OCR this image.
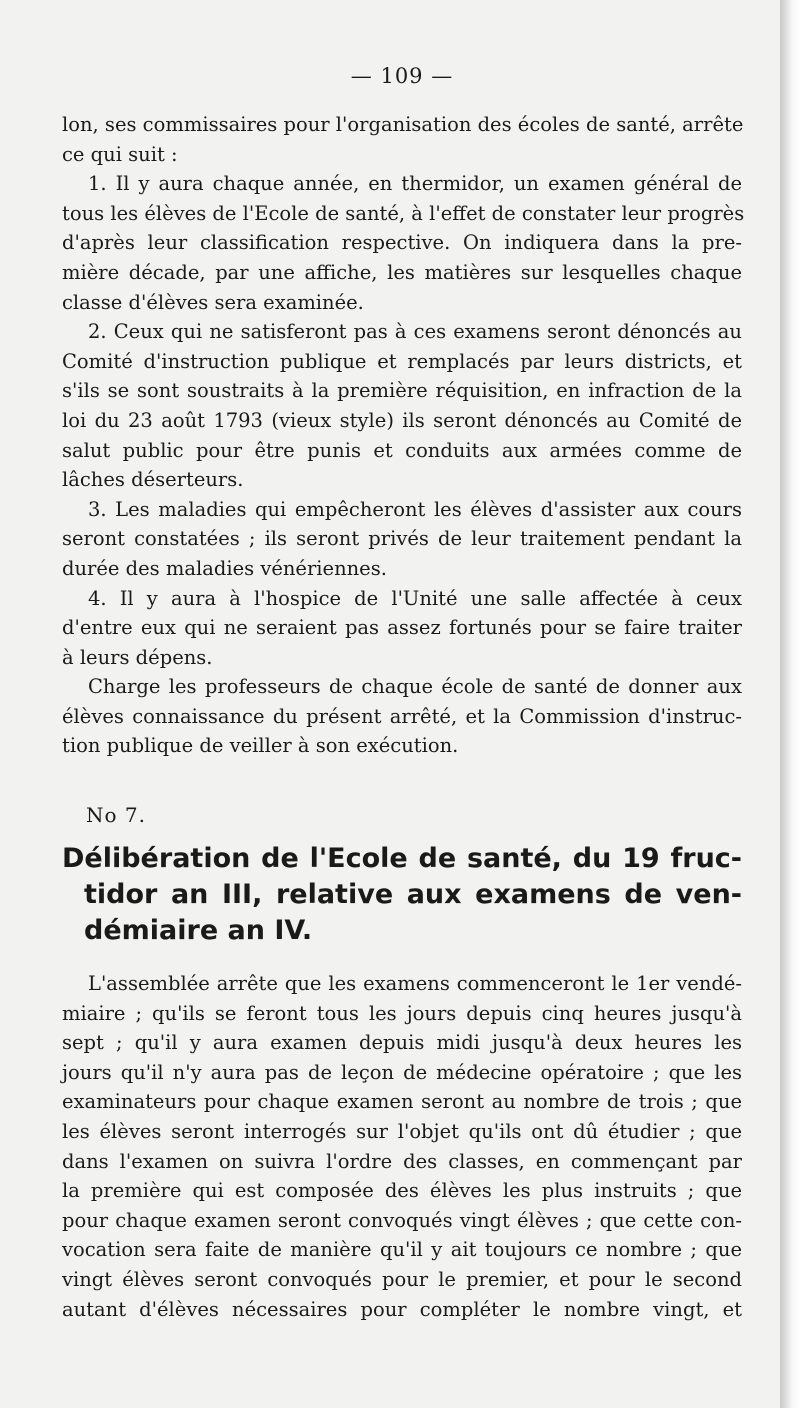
— 109 —
lon, ses commissaires pour l'organisation des écoles de santé, arrête
ce qui suit :
1. Il y aura chaque année, en thermidor, un examen général de
tous les élèves de l'Ecole de santé, à l'effet de constater leur progrès
d'après leur classification respective. On indiquera dans la pre-
mière décade, par une affiche, les matières sur lesquelles chaque
classe d'élèves sera examinée.
2. Ceux qui ne satisferont pas à ces examens seront dénoncés au
Comité d'instruction publique et remplacés par leurs districts, et
s'ils se sont soustraits à la première réquisition, en infraction de la
loi du 23 août 1793 (vieux style) ils seront dénoncés au Comité de
salut public pour être punis et conduits aux armées comme de
lâches déserteurs.
3. Les maladies qui empêcheront les élèves d'assister aux cours
seront constatées ; ils seront privés de leur traitement pendant la
durée des maladies vénériennes.
4. Il y aura à l'hospice de l'Unité une salle affectée à ceux
d'entre eux qui ne seraient pas assez fortunés pour se faire traiter
à leurs dépens.
Charge les professeurs de chaque école de santé de donner aux
élèves connaissance du présent arrêté, et la Commission d'instruc-
tion publique de veiller à son exécution.
No 7.
Délibération de l'Ecole de santé, du 19 fruc-
tidor an III, relative aux examens de ven-
démiaire an IV.
L'assemblée arrête que les examens commenceront le 1er vendé-
miaire ; qu'ils se feront tous les jours depuis cinq heures jusqu'à
sept ; qu'il y aura examen depuis midi jusqu'à deux heures les
jours qu'il n'y aura pas de leçon de médecine opératoire ; que les
examinateurs pour chaque examen seront au nombre de trois ; que
les élèves seront interrogés sur l'objet qu'ils ont dû étudier ; que
dans l'examen on suivra l'ordre des classes, en commençant par
la première qui est composée des élèves les plus instruits ; que
pour chaque examen seront convoqués vingt élèves ; que cette con-
vocation sera faite de manière qu'il y ait toujours ce nombre ; que
vingt élèves seront convoqués pour le premier, et pour le second
autant d'élèves nécessaires pour compléter le nombre vingt, et
